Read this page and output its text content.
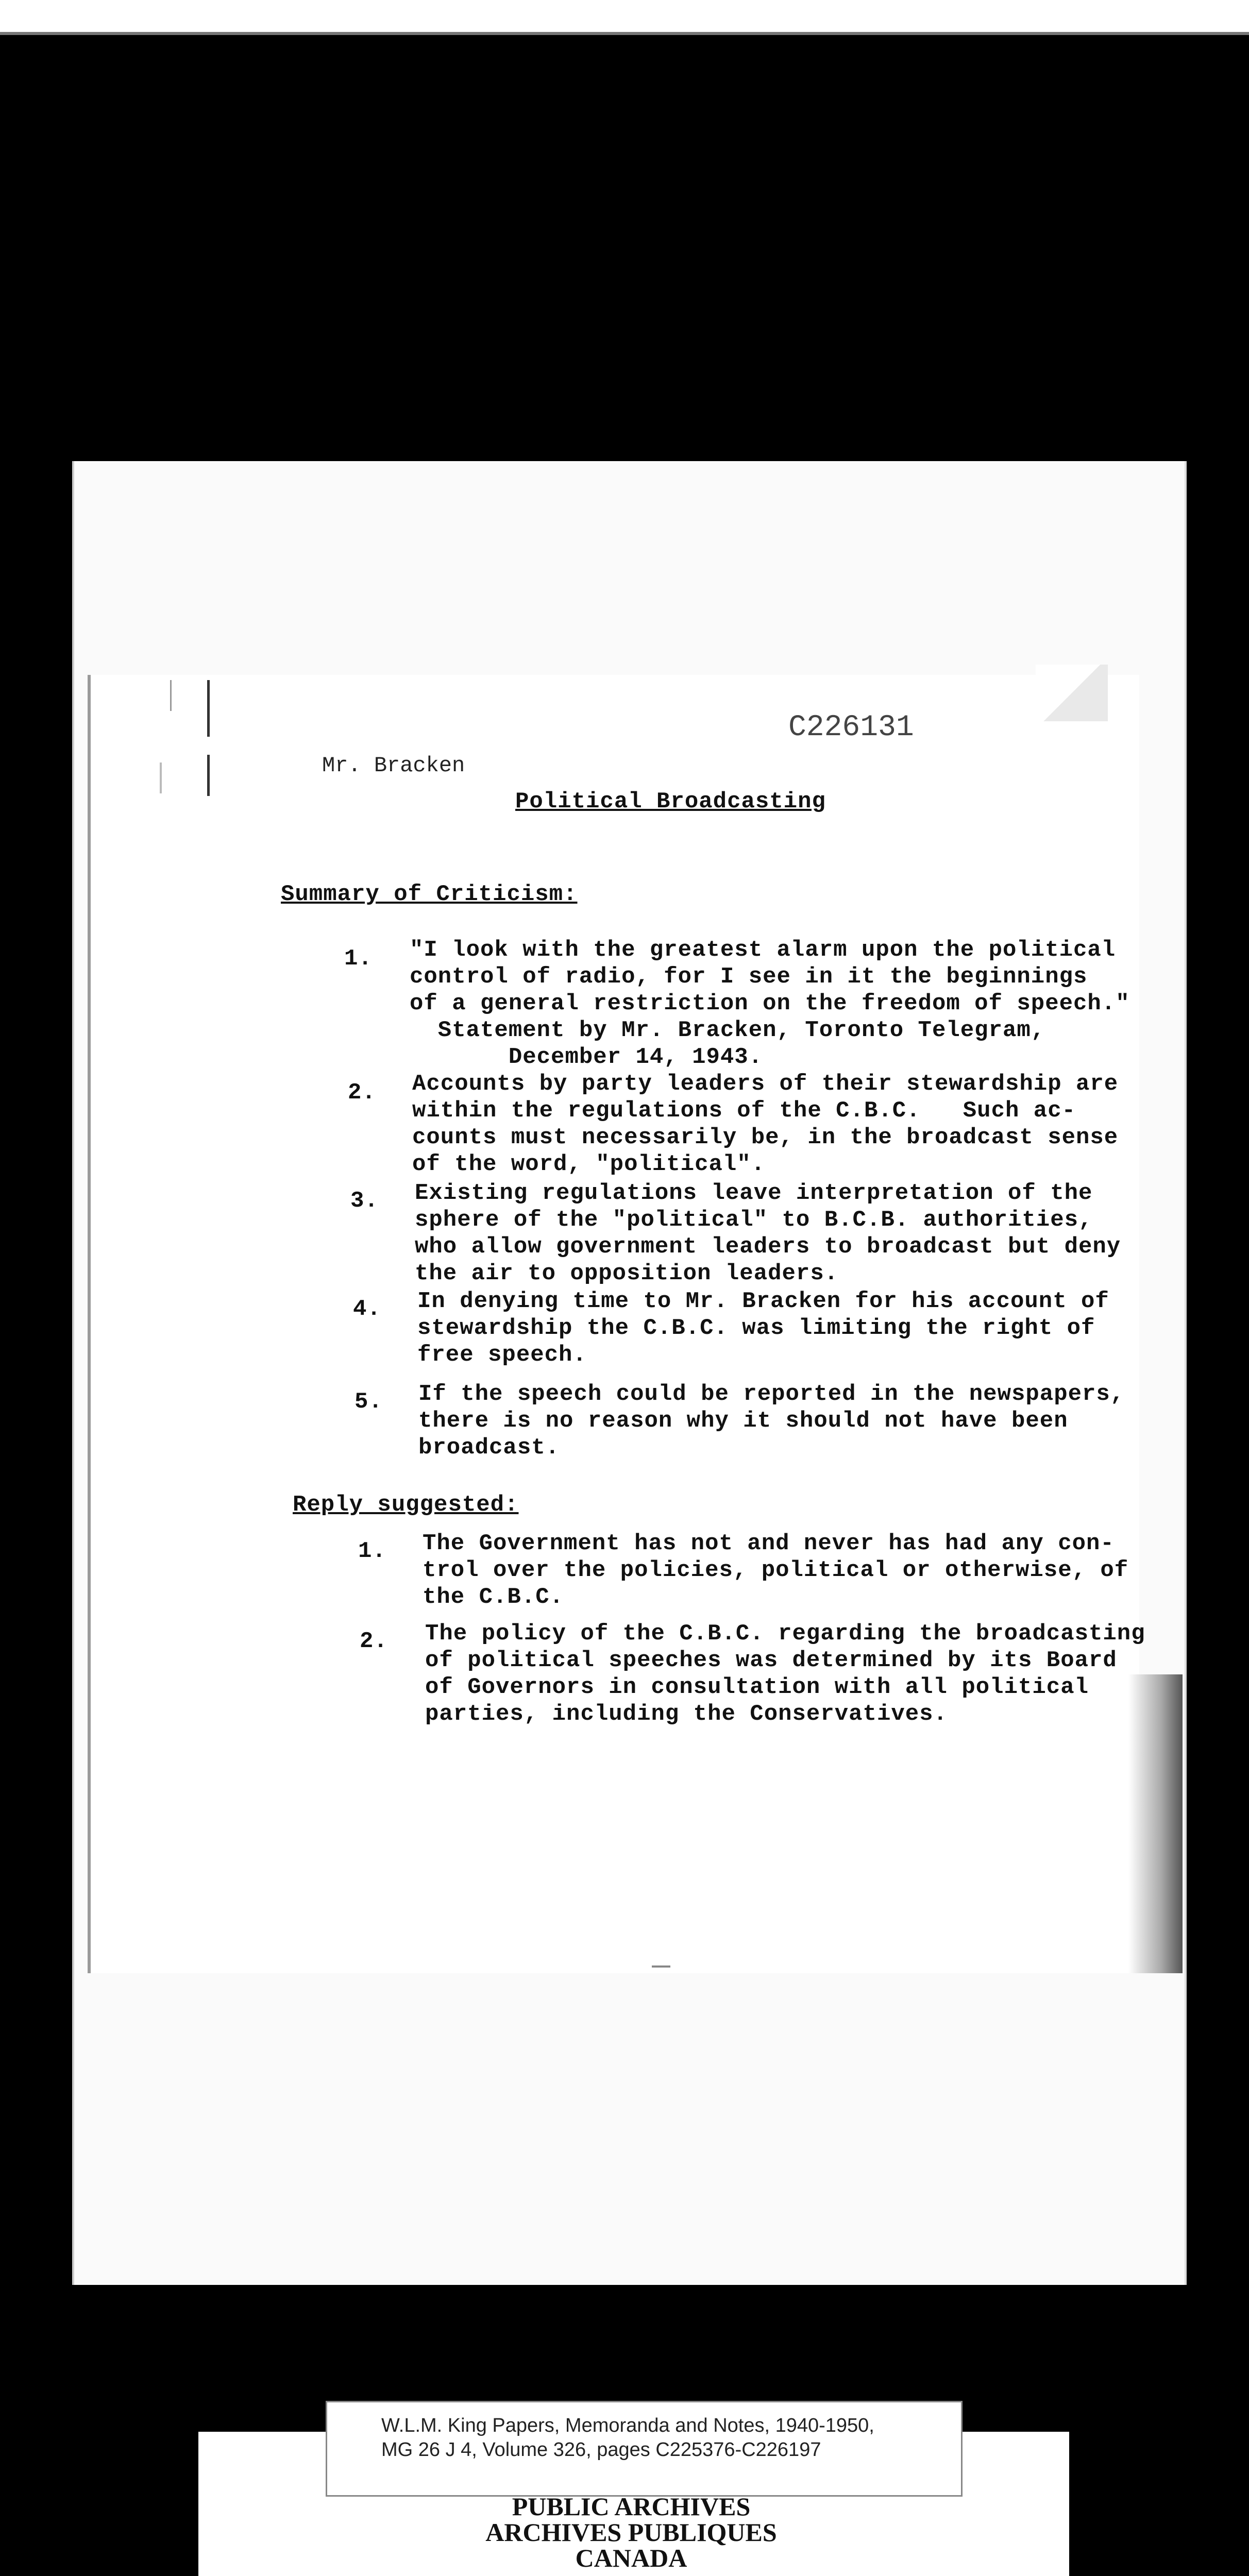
C226131
Mr. Bracken
Political Broadcasting
Summary of Criticism:
1. "I look with the greatest alarm upon the political
control of radio, for I see in it the beginnings
of a general restriction on the freedom of speech."
Statement by Mr. Bracken, Toronto Telegram,
December 14, 1943.
2. Accounts by party leaders of their stewardship are
within the regulations of the C.B.C.   Such ac-
counts must necessarily be, in the broadcast sense
of the word, "political".
3. Existing regulations leave interpretation of the
sphere of the "political" to B.C.B. authorities,
who allow government leaders to broadcast but deny
the air to opposition leaders.
4. In denying time to Mr. Bracken for his account of
stewardship the C.B.C. was limiting the right of
free speech.
5. If the speech could be reported in the newspapers,
there is no reason why it should not have been
broadcast.
Reply suggested:
1. The Government has not and never has had any con-
trol over the policies, political or otherwise, of
the C.B.C.
2. The policy of the C.B.C. regarding the broadcasting
of political speeches was determined by its Board
of Governors in consultation with all political
parties, including the Conservatives.
W.L.M. King Papers, Memoranda and Notes, 1940-1950,
MG 26 J 4, Volume 326, pages C225376-C226197
PUBLIC ARCHIVES
ARCHIVES PUBLIQUES
CANADA
